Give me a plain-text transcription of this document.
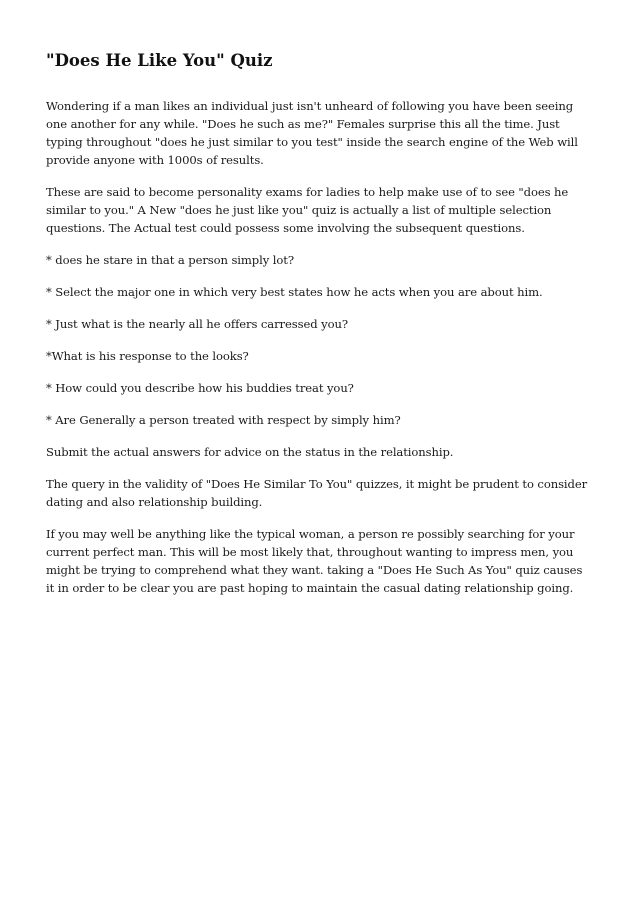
"Does He Like You" Quiz

Wondering if a man likes an individual just isn't unheard of following you have been seeing one another for any while. "Does he such as me?" Females surprise this all the time. Just typing throughout "does he just similar to you test" inside the search engine of the Web will provide anyone with 1000s of results.

These are said to become personality exams for ladies to help make use of to see "does he similar to you." A New "does he just like you" quiz is actually a list of multiple selection questions. The Actual test could possess some involving the subsequent questions.

* does he stare in that a person simply lot?

* Select the major one in which very best states how he acts when you are about him.

* Just what is the nearly all he offers carressed you?

*What is his response to the looks?

* How could you describe how his buddies treat you?

* Are Generally a person treated with respect by simply him?

Submit the actual answers for advice on the status in the relationship.

The query in the validity of "Does He Similar To You" quizzes, it might be prudent to consider dating and also relationship building.

If you may well be anything like the typical woman, a person re possibly searching for your current perfect man. This will be most likely that, throughout wanting to impress men, you might be trying to comprehend what they want. taking a "Does He Such As You" quiz causes it in order to be clear you are past hoping to maintain the casual dating relationship going.
